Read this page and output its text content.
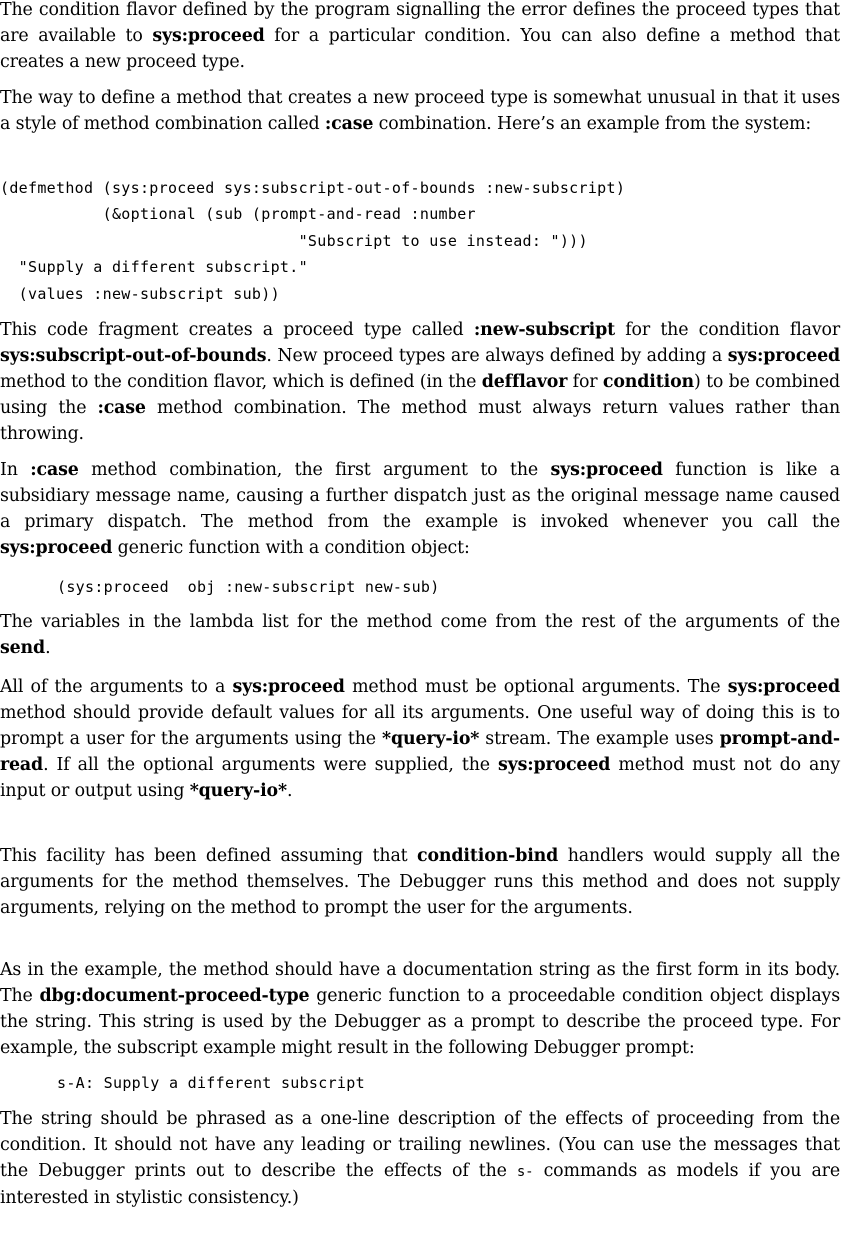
The condition flavor defined by the program signalling the error defines the proceed types that are available to sys:proceed for a particular condition. You can also define a method that creates a new proceed type.

The way to define a method that creates a new proceed type is somewhat unusual in that it uses a style of method combination called :case combination. Here’s an example from the system:

(defmethod (sys:proceed sys:subscript-out-of-bounds :new-subscript)
(&optional (sub (prompt-and-read :number
"Subscript to use instead: ")))
"Supply a different subscript."
(values :new-subscript sub))

This code fragment creates a proceed type called :new-subscript for the condition flavor sys:subscript-out-of-bounds. New proceed types are always defined by adding a sys:proceed method to the condition flavor, which is defined (in the defflavor for condition) to be combined using the :case method combination. The method must always return values rather than throwing.

In :case method combination, the first argument to the sys:proceed function is like a subsidiary message name, causing a further dispatch just as the original message name caused a primary dispatch. The method from the example is invoked whenever you call the sys:proceed generic function with a condition object:

(sys:proceed  obj :new-subscript new-sub)

The variables in the lambda list for the method come from the rest of the arguments of the send.

All of the arguments to a sys:proceed method must be optional arguments. The sys:proceed method should provide default values for all its arguments. One useful way of doing this is to prompt a user for the arguments using the *query-io* stream. The example uses prompt-and-read. If all the optional arguments were supplied, the sys:proceed method must not do any input or output using *query-io*.

This facility has been defined assuming that condition-bind handlers would supply all the arguments for the method themselves. The Debugger runs this method and does not supply arguments, relying on the method to prompt the user for the arguments.

As in the example, the method should have a documentation string as the first form in its body. The dbg:document-proceed-type generic function to a proceedable condition object displays the string. This string is used by the Debugger as a prompt to describe the proceed type. For example, the subscript example might result in the following Debugger prompt:

s-A: Supply a different subscript

The string should be phrased as a one-line description of the effects of proceeding from the condition. It should not have any leading or trailing newlines. (You can use the messages that the Debugger prints out to describe the effects of the s- commands as models if you are interested in stylistic consistency.)
